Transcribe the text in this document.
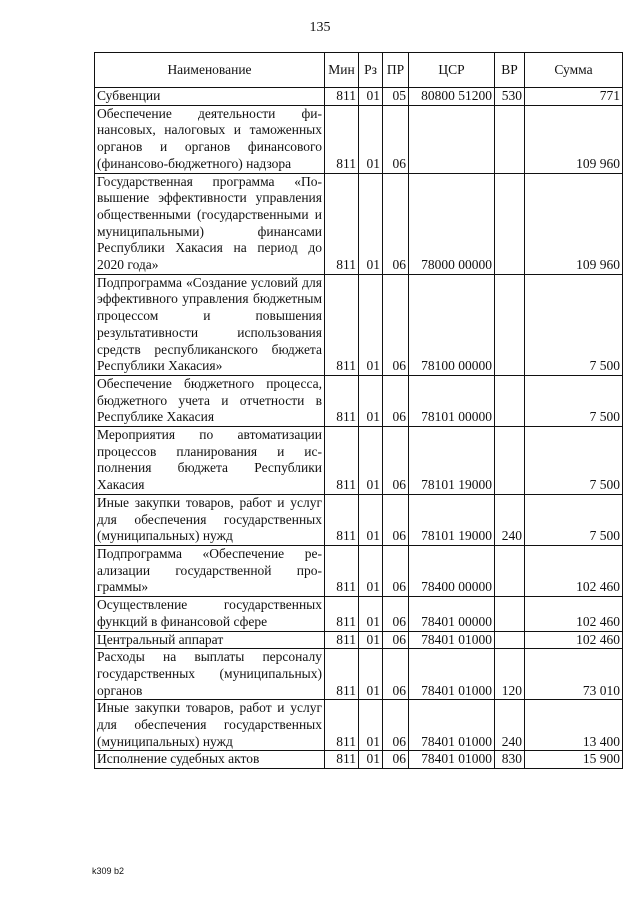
135
Наименование	Мин	Рз	ПР	ЦСР	ВР	Сумма
Субвенции	811	01	05	80800 51200	530	771
Обеспечение деятельности финансовых, налоговых и таможенных органов и органов финансового (финансово-бюджетного) надзора	811	01	06			109 960
Государственная программа «Повышение эффективности управления общественными (государственными и муниципальными) финансами Республики Хакасия на период до 2020 года»	811	01	06	78000 00000		109 960
Подпрограмма «Создание условий для эффективного управления бюджетным процессом и повышения результативности использования средств республиканского бюджета Республики Хакасия»	811	01	06	78100 00000		7 500
Обеспечение бюджетного процесса, бюджетного учета и отчетности в Республике Хакасия	811	01	06	78101 00000		7 500
Мероприятия по автоматизации процессов планирования и исполнения бюджета Республики Хакасия	811	01	06	78101 19000		7 500
Иные закупки товаров, работ и услуг для обеспечения государственных (муниципальных) нужд	811	01	06	78101 19000	240	7 500
Подпрограмма «Обеспечение реализации государственной программы»	811	01	06	78400 00000		102 460
Осуществление государственных функций в финансовой сфере	811	01	06	78401 00000		102 460
Центральный аппарат	811	01	06	78401 01000		102 460
Расходы на выплаты персоналу государственных (муниципальных) органов	811	01	06	78401 01000	120	73 010
Иные закупки товаров, работ и услуг для обеспечения государственных (муниципальных) нужд	811	01	06	78401 01000	240	13 400
Исполнение судебных актов	811	01	06	78401 01000	830	15 900
k309 b2
